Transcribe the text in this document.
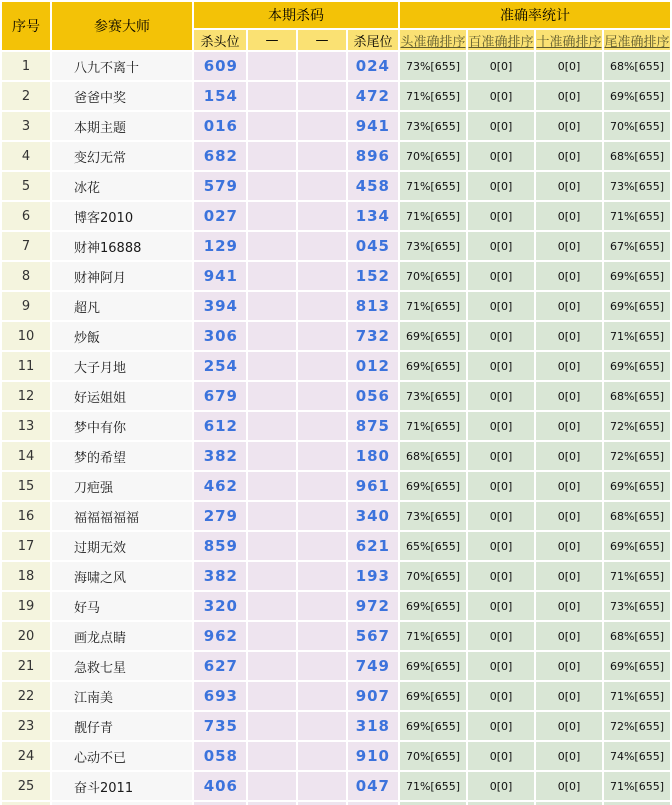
序号	参赛大师	本期杀码				准确率统计			
		杀头位	—	—	杀尾位	头准确排序	百准确排序	十准确排序	尾准确排序
1	八九不离十	609			024	73%[655]	0[0]	0[0]	68%[655]
2	爸爸中奖	154			472	71%[655]	0[0]	0[0]	69%[655]
3	本期主题	016			941	73%[655]	0[0]	0[0]	70%[655]
4	变幻无常	682			896	70%[655]	0[0]	0[0]	68%[655]
5	冰花	579			458	71%[655]	0[0]	0[0]	73%[655]
6	博客2010	027			134	71%[655]	0[0]	0[0]	71%[655]
7	财神16888	129			045	73%[655]	0[0]	0[0]	67%[655]
8	财神阿月	941			152	70%[655]	0[0]	0[0]	69%[655]
9	超凡	394			813	71%[655]	0[0]	0[0]	69%[655]
10	炒飯	306			732	69%[655]	0[0]	0[0]	71%[655]
11	大子月地	254			012	69%[655]	0[0]	0[0]	69%[655]
12	好运姐姐	679			056	73%[655]	0[0]	0[0]	68%[655]
13	梦中有你	612			875	71%[655]	0[0]	0[0]	72%[655]
14	梦的希望	382			180	68%[655]	0[0]	0[0]	72%[655]
15	刀疤强	462			961	69%[655]	0[0]	0[0]	69%[655]
16	福福福福福	279			340	73%[655]	0[0]	0[0]	68%[655]
17	过期无效	859			621	65%[655]	0[0]	0[0]	69%[655]
18	海啸之风	382			193	70%[655]	0[0]	0[0]	71%[655]
19	好马	320			972	69%[655]	0[0]	0[0]	73%[655]
20	画龙点睛	962			567	71%[655]	0[0]	0[0]	68%[655]
21	急救七星	627			749	69%[655]	0[0]	0[0]	69%[655]
22	江南美	693			907	69%[655]	0[0]	0[0]	71%[655]
23	靓仔青	735			318	69%[655]	0[0]	0[0]	72%[655]
24	心动不已	058			910	70%[655]	0[0]	0[0]	74%[655]
25	奋斗2011	406			047	71%[655]	0[0]	0[0]	71%[655]
